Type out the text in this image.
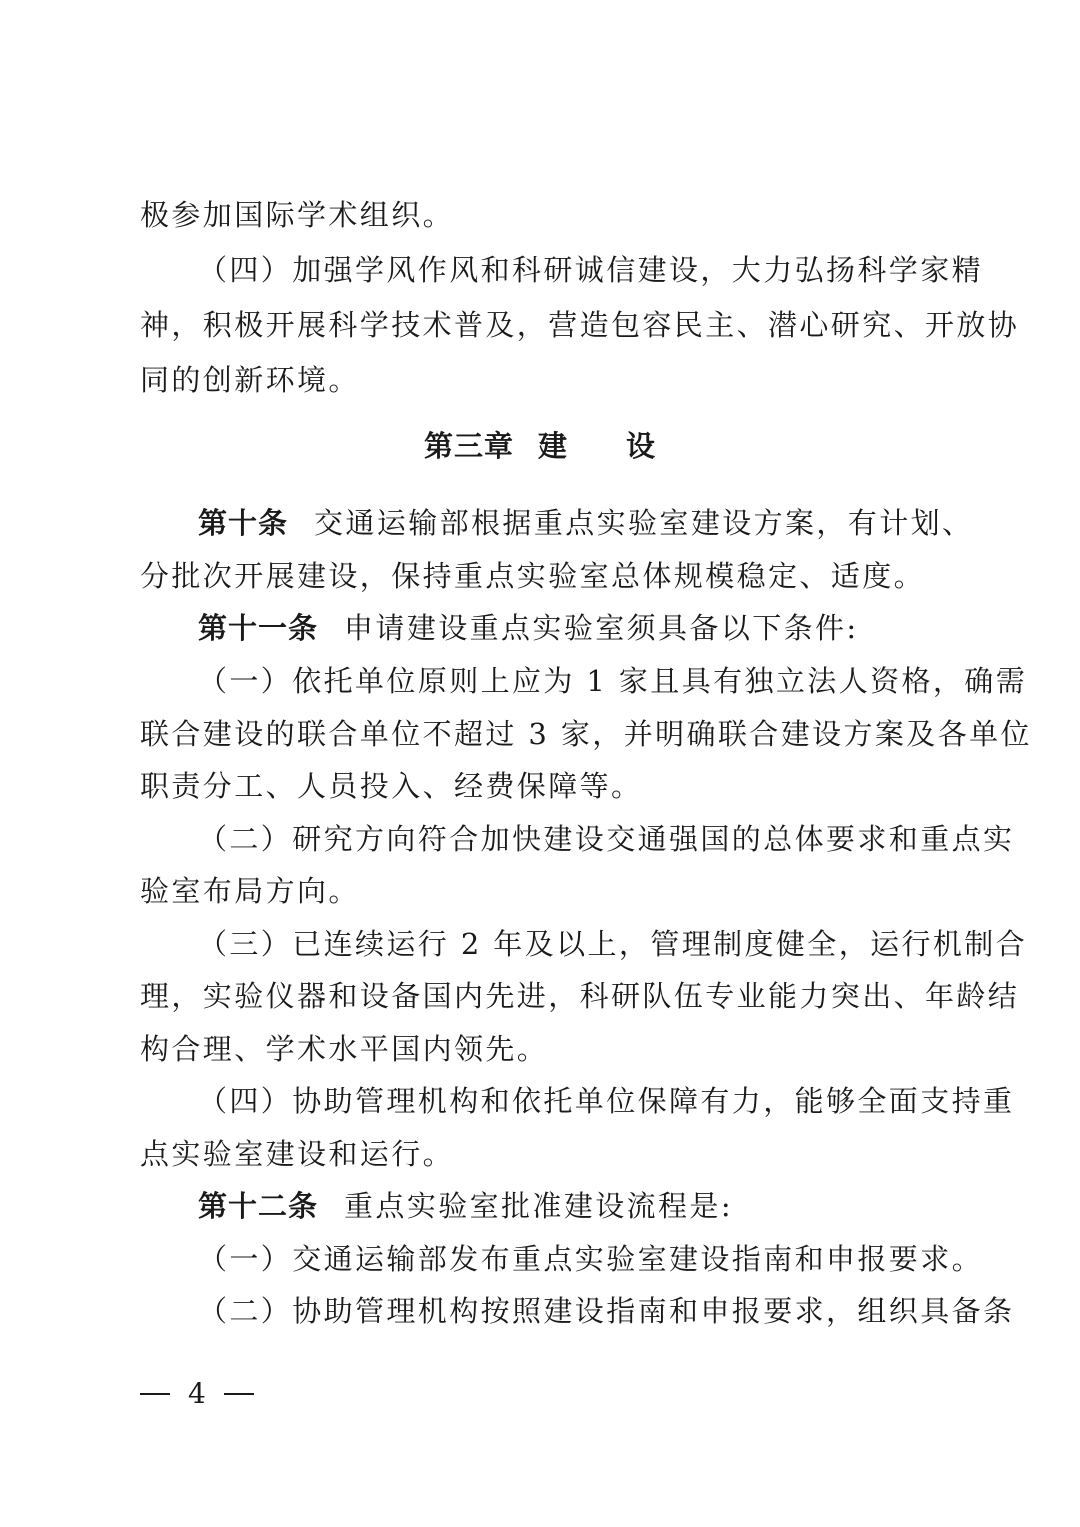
极参加国际学术组织。
（四）加强学风作风和科研诚信建设，大力弘扬科学家精
神，积极开展科学技术普及，营造包容民主、潜心研究、开放协
同的创新环境。
第三章 建 设
第十条 交通运输部根据重点实验室建设方案，有计划、
分批次开展建设，保持重点实验室总体规模稳定、适度。
第十一条 申请建设重点实验室须具备以下条件:
（一）依托单位原则上应为 1 家且具有独立法人资格，确需
联合建设的联合单位不超过 3 家，并明确联合建设方案及各单位
职责分工、人员投入、经费保障等。
（二）研究方向符合加快建设交通强国的总体要求和重点实
验室布局方向。
（三）已连续运行 2 年及以上，管理制度健全，运行机制合
理，实验仪器和设备国内先进，科研队伍专业能力突出、年龄结
构合理、学术水平国内领先。
（四）协助管理机构和依托单位保障有力，能够全面支持重
点实验室建设和运行。
第十二条 重点实验室批准建设流程是:
（一）交通运输部发布重点实验室建设指南和申报要求。
（二）协助管理机构按照建设指南和申报要求，组织具备条
4
